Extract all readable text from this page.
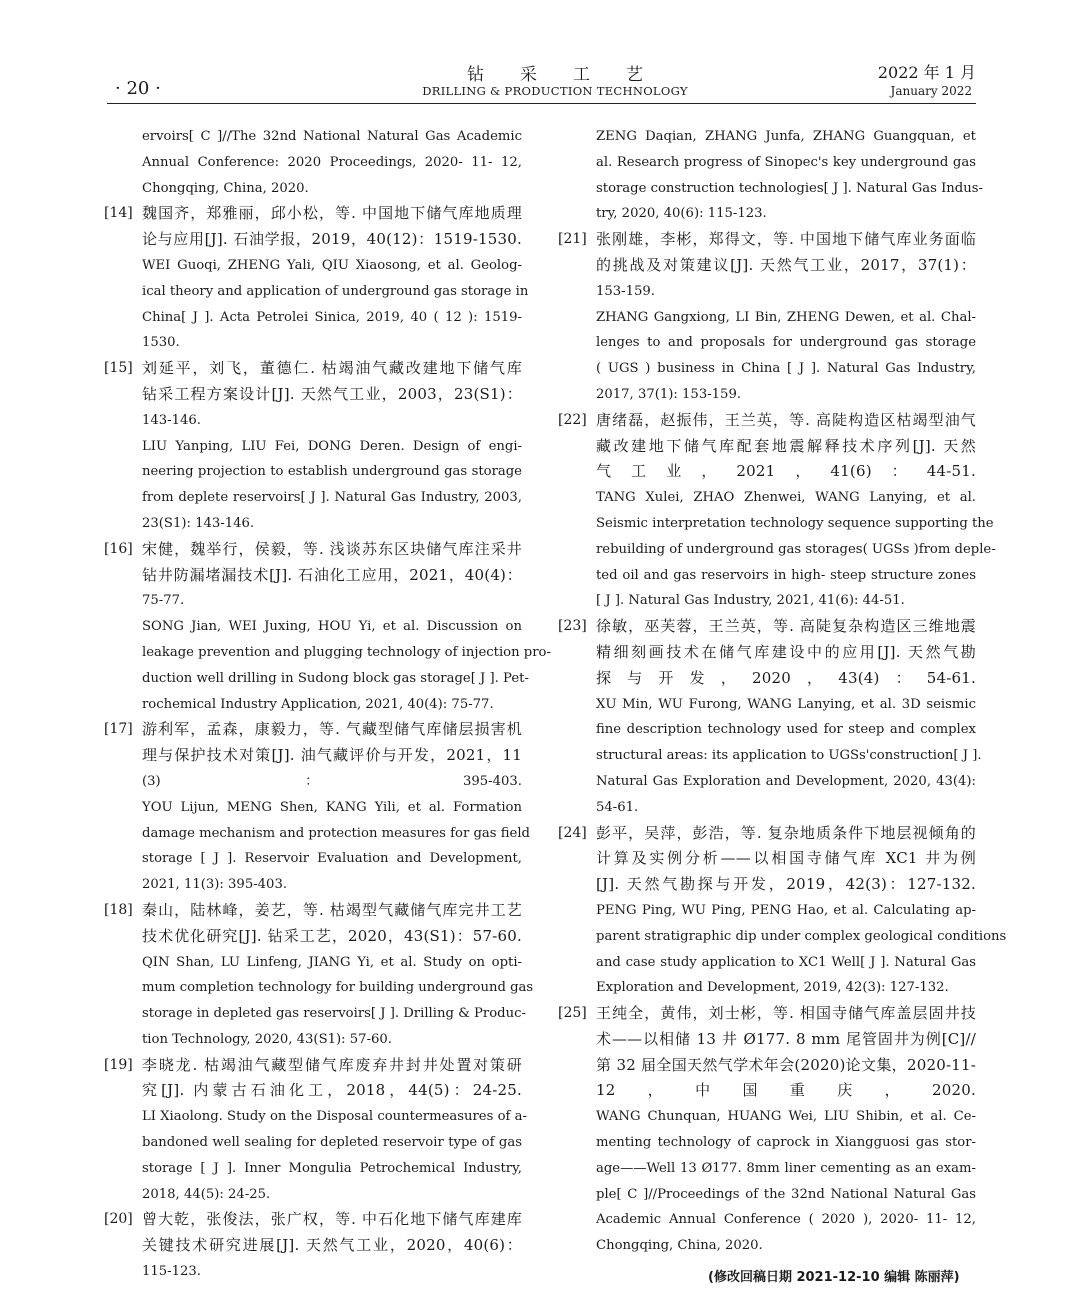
· 20 ·
钻采工艺
DRILLING & PRODUCTION TECHNOLOGY
2022 年 1 月
January 2022
ervoirs[ C ]//The 32nd National Natural Gas Academic
Annual Conference: 2020 Proceedings, 2020- 11- 12,
Chongqing, China, 2020.
[14] 魏国齐，郑雅丽，邱小松，等. 中国地下储气库地质理
论与应用[J]. 石油学报，2019，40(12)：1519-1530.
WEI Guoqi, ZHENG Yali, QIU Xiaosong, et al. Geolog-
ical theory and application of underground gas storage in
China[ J ]. Acta Petrolei Sinica, 2019, 40 ( 12 ): 1519-
1530.
[15] 刘延平，刘飞，董德仁. 枯竭油气藏改建地下储气库
钻采工程方案设计[J]. 天然气工业，2003，23(S1)：
143-146.
LIU Yanping, LIU Fei, DONG Deren. Design of engi-
neering projection to establish underground gas storage
from deplete reservoirs[ J ]. Natural Gas Industry, 2003,
23(S1): 143-146.
[16] 宋健，魏举行，侯毅，等. 浅谈苏东区块储气库注采井
钻井防漏堵漏技术[J]. 石油化工应用，2021，40(4)：
75-77.
SONG Jian, WEI Juxing, HOU Yi, et al. Discussion on
leakage prevention and plugging technology of injection pro-
duction well drilling in Sudong block gas storage[ J ]. Pet-
rochemical Industry Application, 2021, 40(4): 75-77.
[17] 游利军，孟森，康毅力，等. 气藏型储气库储层损害机
理与保护技术对策[J]. 油气藏评价与开发，2021，11
(3)：395-403.
YOU Lijun, MENG Shen, KANG Yili, et al. Formation
damage mechanism and protection measures for gas field
storage [ J ]. Reservoir Evaluation and Development,
2021, 11(3): 395-403.
[18] 秦山，陆林峰，姜艺，等. 枯竭型气藏储气库完井工艺
技术优化研究[J]. 钻采工艺，2020，43(S1)：57-60.
QIN Shan, LU Linfeng, JIANG Yi, et al. Study on opti-
mum completion technology for building underground gas
storage in depleted gas reservoirs[ J ]. Drilling & Produc-
tion Technology, 2020, 43(S1): 57-60.
[19] 李晓龙. 枯竭油气藏型储气库废弃井封井处置对策研
究[J]. 内蒙古石油化工，2018，44(5)：24-25.
LI Xiaolong. Study on the Disposal countermeasures of a-
bandoned well sealing for depleted reservoir type of gas
storage [ J ]. Inner Mongulia Petrochemical Industry,
2018, 44(5): 24-25.
[20] 曾大乾，张俊法，张广权，等. 中石化地下储气库建库
关键技术研究进展[J]. 天然气工业，2020，40(6)：
115-123.
ZENG Daqian, ZHANG Junfa, ZHANG Guangquan, et
al. Research progress of Sinopec's key underground gas
storage construction technologies[ J ]. Natural Gas Indus-
try, 2020, 40(6): 115-123.
[21] 张刚雄，李彬，郑得文，等. 中国地下储气库业务面临
的挑战及对策建议[J]. 天然气工业，2017，37(1)：
153-159.
ZHANG Gangxiong, LI Bin, ZHENG Dewen, et al. Chal-
lenges to and proposals for underground gas storage
( UGS ) business in China [ J ]. Natural Gas Industry,
2017, 37(1): 153-159.
[22] 唐绪磊，赵振伟，王兰英，等. 高陡构造区枯竭型油气
藏改建地下储气库配套地震解释技术序列[J]. 天然
气工业，2021，41(6)：44-51.
TANG Xulei, ZHAO Zhenwei, WANG Lanying, et al.
Seismic interpretation technology sequence supporting the
rebuilding of underground gas storages( UGSs )from deple-
ted oil and gas reservoirs in high- steep structure zones
[ J ]. Natural Gas Industry, 2021, 41(6): 44-51.
[23] 徐敏，巫芙蓉，王兰英，等. 高陡复杂构造区三维地震
精细刻画技术在储气库建设中的应用[J]. 天然气勘
探与开发，2020，43(4)：54-61.
XU Min, WU Furong, WANG Lanying, et al. 3D seismic
fine description technology used for steep and complex
structural areas: its application to UGSs'construction[ J ].
Natural Gas Exploration and Development, 2020, 43(4):
54-61.
[24] 彭平，吴萍，彭浩，等. 复杂地质条件下地层视倾角的
计算及实例分析——以相国寺储气库 XC1 井为例
[J]. 天然气勘探与开发，2019，42(3)：127-132.
PENG Ping, WU Ping, PENG Hao, et al. Calculating ap-
parent stratigraphic dip under complex geological conditions
and case study application to XC1 Well[ J ]. Natural Gas
Exploration and Development, 2019, 42(3): 127-132.
[25] 王纯全，黄伟，刘士彬，等. 相国寺储气库盖层固井技
术——以相储 13 井 Ø177. 8 mm 尾管固井为例[C]//
第 32 届全国天然气学术年会(2020)论文集，2020-11-
12，中国重庆，2020.
WANG Chunquan, HUANG Wei, LIU Shibin, et al. Ce-
menting technology of caprock in Xiangguosi gas stor-
age——Well 13 Ø177. 8mm liner cementing as an exam-
ple[ C ]//Proceedings of the 32nd National Natural Gas
Academic Annual Conference ( 2020 ), 2020- 11- 12,
Chongqing, China, 2020.
(修改回稿日期 2021-12-10 编辑 陈丽萍)
